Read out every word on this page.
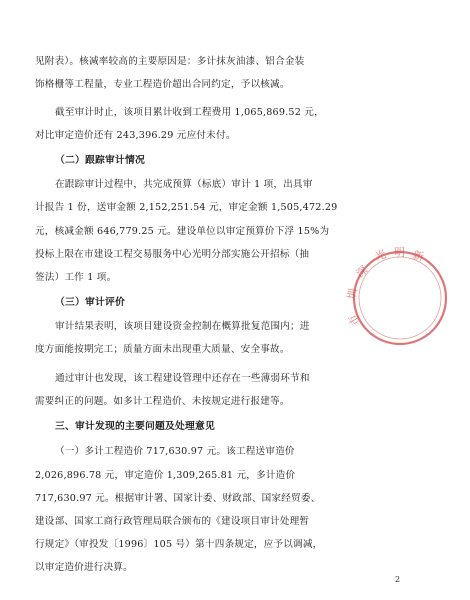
见附表）。核减率较高的主要原因是：多计抹灰油漆、铝合金装
饰格栅等工程量，专业工程造价超出合同约定，予以核减。
截至审计时止，该项目累计收到工程费用 1,065,869.52 元，
对比审定造价还有 243,396.29 元应付未付。
（二）跟踪审计情况
在跟踪审计过程中，共完成预算（标底）审计 1 项，出具审
计报告 1 份，送审金额 2,152,251.54 元，审定金额 1,505,472.29
元，核减金额 646,779.25 元。建设单位以审定预算价下浮 15%为
投标上限在市建设工程交易服务中心光明分部实施公开招标（抽
签法）工作 1 项。
（三）审计评价
审计结果表明，该项目建设资金控制在概算批复范围内；进
度方面能按期完工；质量方面未出现重大质量、安全事故。
通过审计也发现，该工程建设管理中还存在一些薄弱环节和
需要纠正的问题。如多计工程造价、未按规定进行报建等。
三、审计发现的主要问题及处理意见
（一）多计工程造价 717,630.97 元。该工程送审造价
2,026,896.78 元，审定造价 1,309,265.81 元，多计造价
717,630.97 元。根据审计署、国家计委、财政部、国家经贸委、
建设部、国家工商行政管理局联合颁布的《建设项目审计处理暂
行规定》（审投发〔1996〕105 号）第十四条规定，应予以调减，
以审定造价进行决算。
2
深
圳
市
光 明 新
